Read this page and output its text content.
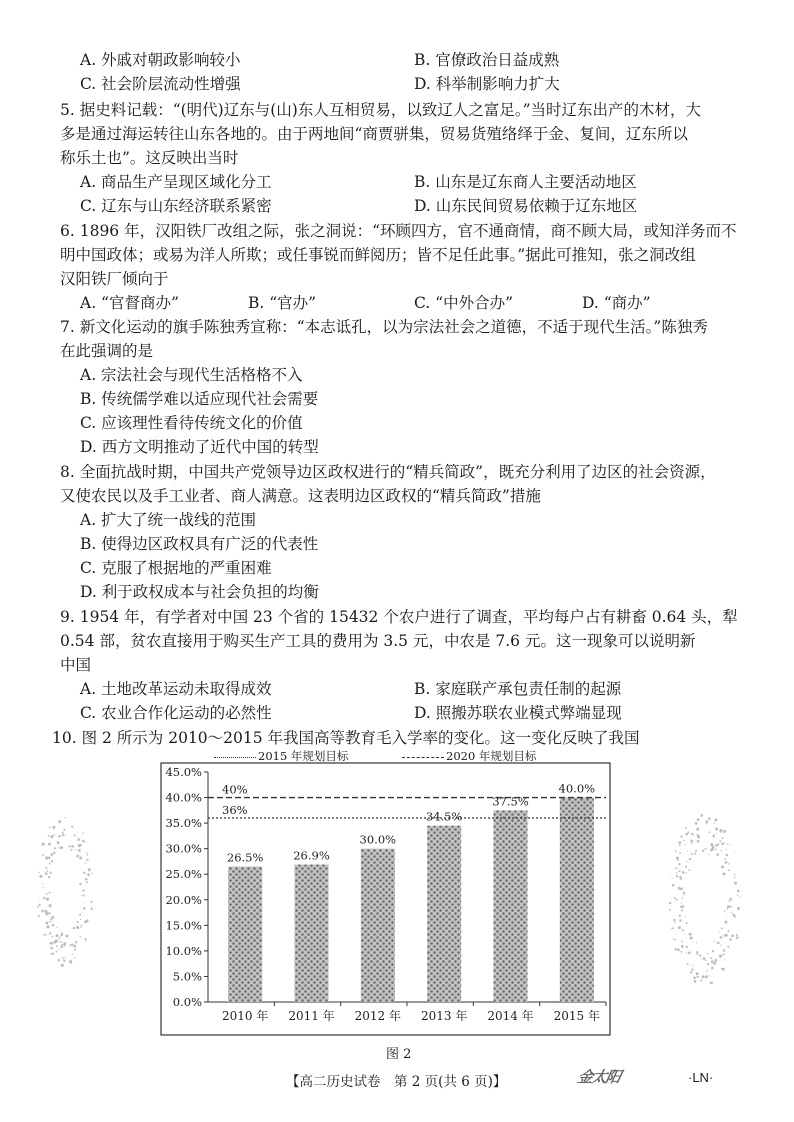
A. 外戚对朝政影响较小	B. 官僚政治日益成熟
C. 社会阶层流动性增强	D. 科举制影响力扩大
5. 据史料记载：“(明代)辽东与(山)东人互相贸易，以致辽人之富足。”当时辽东出产的木材，大
多是通过海运转往山东各地的。由于两地间“商贾骈集，贸易货殖络绎于金、复间，辽东所以
称乐土也”。这反映出当时
A. 商品生产呈现区域化分工	B. 山东是辽东商人主要活动地区
C. 辽东与山东经济联系紧密	D. 山东民间贸易依赖于辽东地区
6. 1896 年，汉阳铁厂改组之际，张之洞说：“环顾四方，官不通商情，商不顾大局，或知洋务而不
明中国政体；或易为洋人所欺；或任事锐而鲜阅历；皆不足任此事。”据此可推知，张之洞改组
汉阳铁厂倾向于
A. “官督商办”	B. “官办”	C. “中外合办”	D. “商办”
7. 新文化运动的旗手陈独秀宣称：“本志诋孔，以为宗法社会之道德，不适于现代生活。”陈独秀
在此强调的是
A. 宗法社会与现代生活格格不入
B. 传统儒学难以适应现代社会需要
C. 应该理性看待传统文化的价值
D. 西方文明推动了近代中国的转型
8. 全面抗战时期，中国共产党领导边区政权进行的“精兵简政”，既充分利用了边区的社会资源，
又使农民以及手工业者、商人满意。这表明边区政权的“精兵简政”措施
A. 扩大了统一战线的范围
B. 使得边区政权具有广泛的代表性
C. 克服了根据地的严重困难
D. 利于政权成本与社会负担的均衡
9. 1954 年，有学者对中国 23 个省的 15432 个农户进行了调查，平均每户占有耕畜 0.64 头，犁
0.54 部，贫农直接用于购买生产工具的费用为 3.5 元，中农是 7.6 元。这一现象可以说明新
中国
A. 土地改革运动未取得成效	B. 家庭联产承包责任制的起源
C. 农业合作化运动的必然性	D. 照搬苏联农业模式弊端显现
10. 图 2 所示为 2010～2015 年我国高等教育毛入学率的变化。这一变化反映了我国
2015 年规划目标	2020 年规划目标
0.0%
5.0%
10.0%
15.0%
20.0%
25.0%
30.0%
35.0%
40.0%
45.0%
26.5%
2010 年
26.9%
2011 年
30.0%
2012 年
34.5%
2013 年
37.5%
2014 年
40.0%
2015 年
36%
40%
图 2
【高二历史试卷　第 2 页(共 6 页)】	金太阳	·LN·
